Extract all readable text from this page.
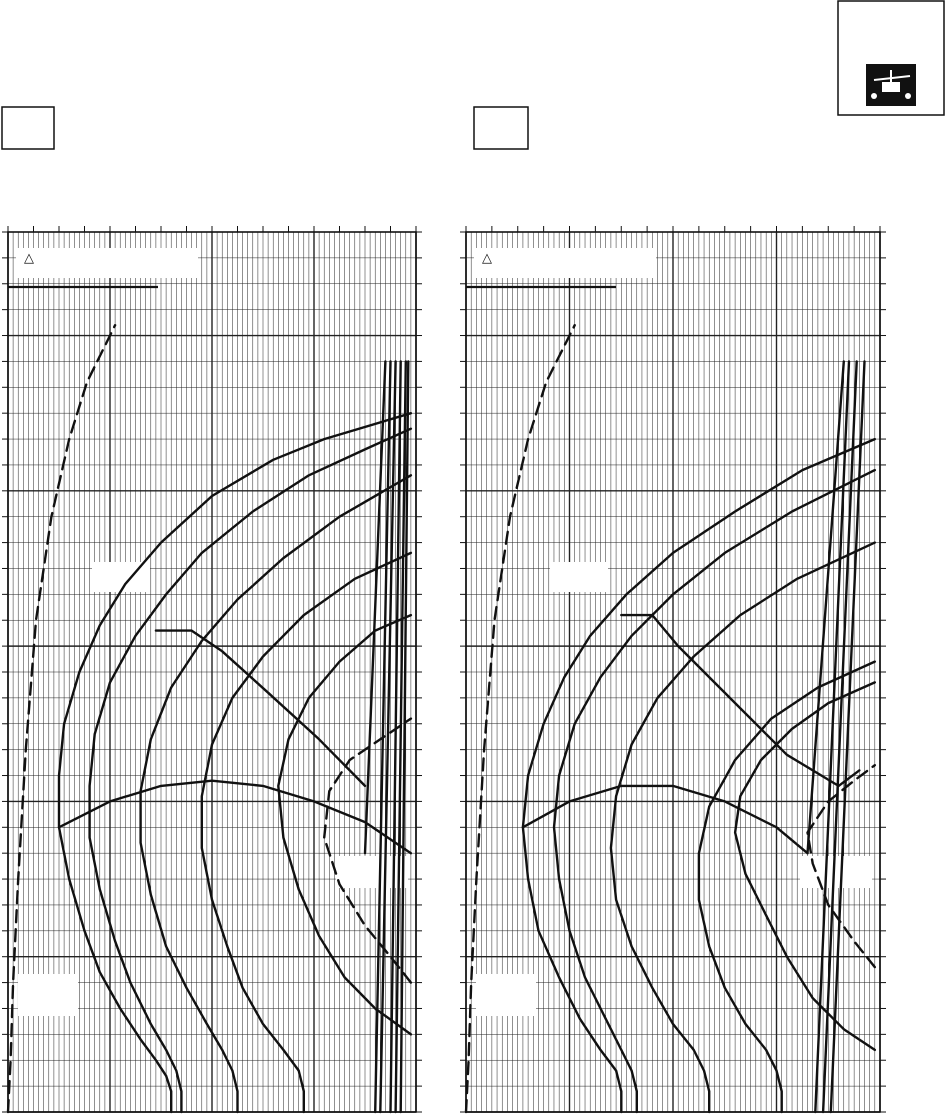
△	△
